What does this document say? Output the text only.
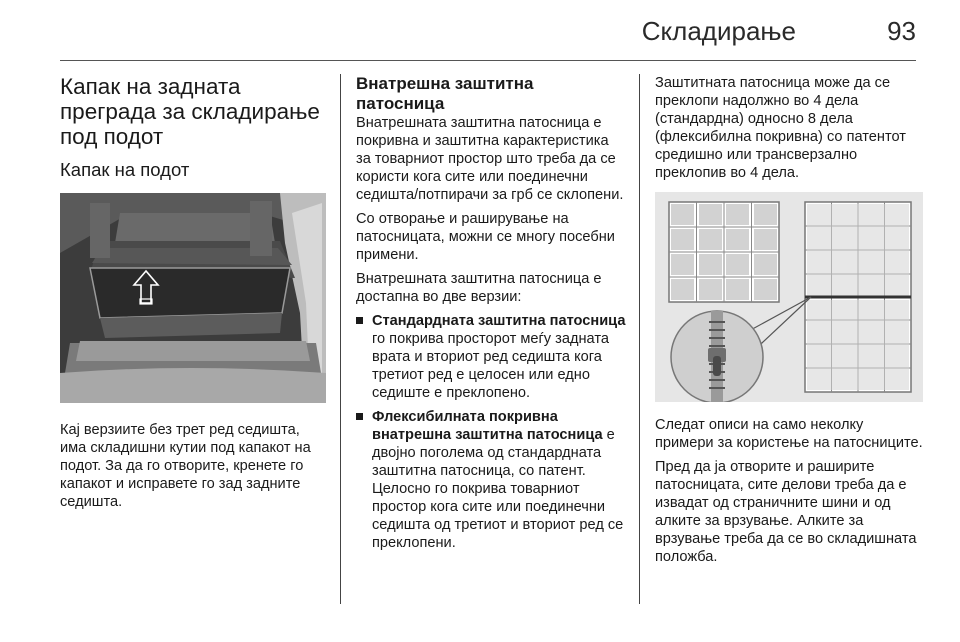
Складирање	93
Капак на задната преграда за складирање под подот
Капак на подот

Кај верзиите без трет ред седишта, има складишни кутии под капакот на подот. За да го отворите, кренете го капакот и исправете го зад задните седишта.

Внатрешна заштитна патосница

Внатрешната заштитна патосница е покривна и заштитна карактеристика за товарниот простор што треба да се користи кога сите или поединечни седишта/потпирачи за грб се склопени.

Со отворање и раширување на патосницата, можни се многу посебни примени.

Внатрешната заштитна патосница е достапна во две верзии:

Стандардната заштитна патосница го покрива просторот меѓу задната врата и вториот ред седишта кога третиот ред е целосен или едно седиште е преклопено.
Флексибилната покривна внатрешна заштитна патосница е двојно поголема од стандардната заштитна патосница, со патент. Целосно го покрива товарниот простор кога сите или поединечни седишта од третиот и вториот ред се преклопени.

Заштитната патосница може да се преклопи надолжно во 4 дела (стандардна) односно 8 дела (флексибилна покривна) со патентот средишно или трансверзално преклопив во 4 дела.

Следат описи на само неколку примери за користење на патосниците.

Пред да ја отворите и раширите патосницата, сите делови треба да е извадат од страничните шини и од алките за врзување. Алките за врзување треба да се во складишната положба.
